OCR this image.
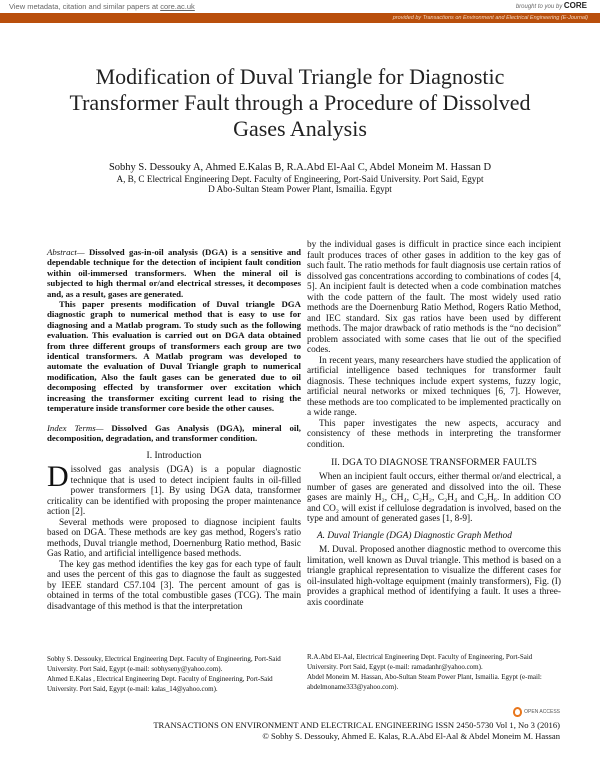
View metadata, citation and similar papers at core.ac.uk	brought to you by CORE
provided by Transactions on Environment and Electrical Engineering (E-Journal)
Modification of Duval Triangle for Diagnostic Transformer Fault through a Procedure of Dissolved Gases Analysis
Sobhy S. Dessouky A, Ahmed E.Kalas B, R.A.Abd El-Aal C, Abdel Moneim M. Hassan D
A, B, C Electrical Engineering Dept. Faculty of Engineering, Port-Said University. Port Said, Egypt
D Abo-Sultan Steam Power Plant, Ismailia. Egypt

Abstract— Dissolved gas-in-oil analysis (DGA) is a sensitive and dependable technique for the detection of incipient fault condition within oil-immersed transformers. When the mineral oil is subjected to high thermal or/and electrical stresses, it decomposes and, as a result, gases are generated.

This paper presents modification of Duval triangle DGA diagnostic graph to numerical method that is easy to use for diagnosing and a Matlab program. To study such as the following evaluation. This evaluation is carried out on DGA data obtained from three different groups of transformers each group are two identical transformers. A Matlab program was developed to automate the evaluation of Duval Triangle graph to numerical modification, Also the fault gases can be generated due to oil decomposing effected by transformer over excitation which increasing the transformer exciting current lead to rising the temperature inside transformer core beside the other causes.

Index Terms— Dissolved Gas Analysis (DGA), mineral oil, decomposition, degradation, and transformer condition.

I. Introduction

Dissolved gas analysis (DGA) is a popular diagnostic technique that is used to detect incipient faults in oil-filled power transformers [1]. By using DGA data, transformer criticality can be identified with proposing the proper maintenance action [2].

Several methods were proposed to diagnose incipient faults based on DGA. These methods are key gas method, Rogers's ratio methods, Duval triangle method, Doernenburg Ratio method, Basic Gas Ratio, and artificial intelligence based methods.

The key gas method identifies the key gas for each type of fault and uses the percent of this gas to diagnose the fault as suggested by IEEE standard C57.104 [3]. The percent amount of gas is obtained in terms of the total combustible gases (TCG). The main disadvantage of this method is that the interpretation

by the individual gases is difficult in practice since each incipient fault produces traces of other gases in addition to the key gas of such fault. The ratio methods for fault diagnosis use certain ratios of dissolved gas concentrations according to combinations of codes [4, 5]. An incipient fault is detected when a code combination matches with the code pattern of the fault. The most widely used ratio methods are the Doernenburg Ratio Method, Rogers Ratio Method, and IEC standard. Six gas ratios have been used by different methods. The major drawback of ratio methods is the “no decision” problem associated with some cases that lie out of the specified codes.

In recent years, many researchers have studied the application of artificial intelligence based techniques for transformer fault diagnosis. These techniques include expert systems, fuzzy logic, artificial neural networks or mixed techniques [6, 7]. However, these methods are too complicated to be implemented practically on a wide range.

This paper investigates the new aspects, accuracy and consistency of these methods in interpreting the transformer condition.

II. DGA TO DIAGNOSE TRANSFORMER FAULTS

When an incipient fault occurs, either thermal or/and electrical, a number of gases are generated and dissolved into the oil. These gases are mainly H₂, CH₄, C₂H₂, C₂H₄ and C₂H₆. In addition CO and CO₂ will exist if cellulose degradation is involved, based on the type and amount of generated gases [1, 8-9].

A. Duval Triangle (DGA) Diagnostic Graph Method

M. Duval. Proposed another diagnostic method to overcome this limitation, well known as Duval triangle. This method is based on a triangle graphical representation to visualize the different cases for oil-insulated high-voltage equipment (mainly transformers), Fig. (I) provides a graphical method of identifying a fault. It uses a three-axis coordinate

Sobhy S. Dessouky, Electrical Engineering Dept. Faculty of Engineering, Port-Said University. Port Said, Egypt (e-mail: sobhyseny@yahoo.com).

Ahmed E.Kalas , Electrical Engineering Dept. Faculty of Engineering, Port-Said University. Port Said, Egypt (e-mail: kalas_14@yahoo.com).

R.A.Abd El-Aal, Electrical Engineering Dept. Faculty of Engineering, Port-Said University. Port Said, Egypt (e-mail: ramadanhr@yahoo.com).

Abdel Moneim M. Hassan, Abo-Sultan Steam Power Plant, Ismailia. Egypt (e-mail: abdelmoname333@yahoo.com).

OPEN ACCESS
TRANSACTIONS ON ENVIRONMENT AND ELECTRICAL ENGINEERING ISSN 2450-5730 Vol 1, No 3 (2016)
© Sobhy S. Dessouky, Ahmed E. Kalas, R.A.Abd El-Aal & Abdel Moneim M. Hassan
